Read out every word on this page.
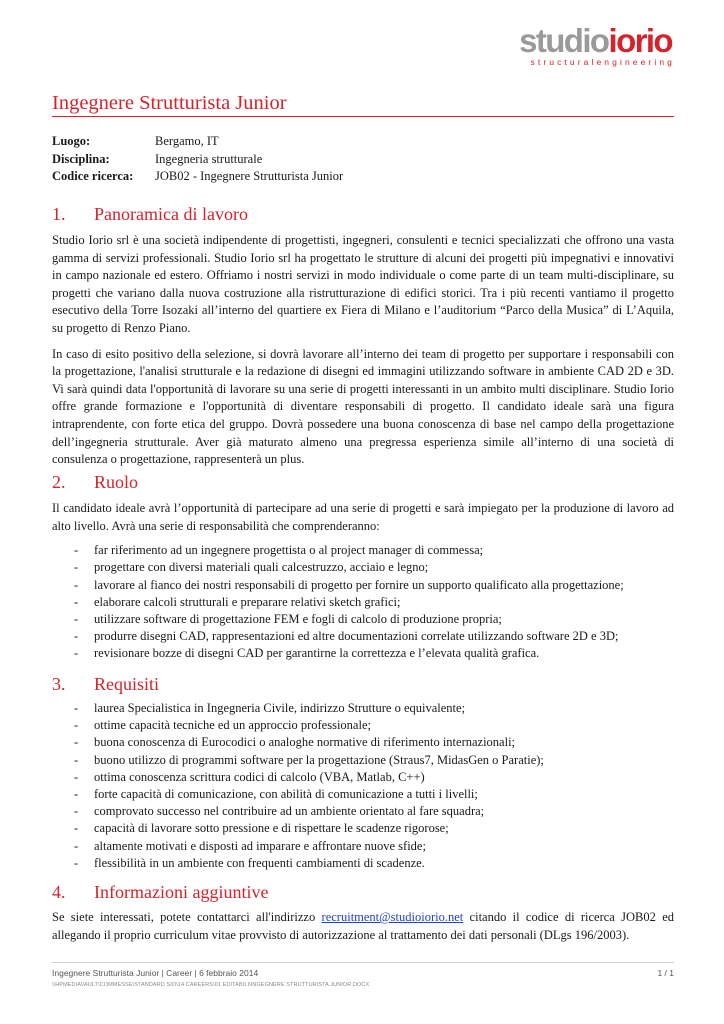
studioiorio
structuralengineering
Ingegnere Strutturista Junior
Luogo:	Bergamo, IT
Disciplina:	Ingegneria strutturale
Codice ricerca:	JOB02 - Ingegnere Strutturista Junior
1.	Panoramica di lavoro

Studio Iorio srl è una società indipendente di progettisti, ingegneri, consulenti e tecnici specializzati che offrono una vasta gamma di servizi professionali. Studio Iorio srl ha progettato le strutture di alcuni dei progetti più impegnativi e innovativi in campo nazionale ed estero. Offriamo i nostri servizi in modo individuale o come parte di un team multi-disciplinare, su progetti che variano dalla nuova costruzione alla ristrutturazione di edifici storici. Tra i più recenti vantiamo il progetto esecutivo della Torre Isozaki all’interno del quartiere ex Fiera di Milano e l’auditorium “Parco della Musica” di L’Aquila, su progetto di Renzo Piano.

In caso di esito positivo della selezione, si dovrà lavorare all’interno dei team di progetto per supportare i responsabili con la progettazione, l'analisi strutturale e la redazione di disegni ed immagini utilizzando software in ambiente CAD 2D e 3D. Vi sarà quindi data l'opportunità di lavorare su una serie di progetti interessanti in un ambito multi disciplinare. Studio Iorio offre grande formazione e l'opportunità di diventare responsabili di progetto. Il candidato ideale sarà una figura intraprendente, con forte etica del gruppo. Dovrà possedere una buona conoscenza di base nel campo della progettazione dell’ingegneria strutturale. Aver già maturato almeno una pregressa esperienza simile all’interno di una società di consulenza o progettazione, rappresenterà un plus.

2.	Ruolo

Il candidato ideale avrà l’opportunità di partecipare ad una serie di progetti e sarà impiegato per la produzione di lavoro ad alto livello. Avrà una serie di responsabilità che comprenderanno:

- far riferimento ad un ingegnere progettista o al project manager di commessa;
- progettare con diversi materiali quali calcestruzzo, acciaio e legno;
- lavorare al fianco dei nostri responsabili di progetto per fornire un supporto qualificato alla progettazione;
- elaborare calcoli strutturali e preparare relativi sketch grafici;
- utilizzare software di progettazione FEM e fogli di calcolo di produzione propria;
- produrre disegni CAD, rappresentazioni ed altre documentazioni correlate utilizzando software 2D e 3D;
- revisionare bozze di disegni CAD per garantirne la correttezza e l’elevata qualità grafica.
3.	Requisiti
- laurea Specialistica in Ingegneria Civile, indirizzo Strutture o equivalente;
- ottime capacità tecniche ed un approccio professionale;
- buona conoscenza di Eurocodici o analoghe normative di riferimento internazionali;
- buono utilizzo di programmi software per la progettazione (Straus7, MidasGen o Paratie);
- ottima conoscenza scrittura codici di calcolo (VBA, Matlab, C++)
- forte capacità di comunicazione, con abilità di comunicazione a tutti i livelli;
- comprovato successo nel contribuire ad un ambiente orientato al fare squadra;
- capacità di lavorare sotto pressione e di rispettare le scadenze rigorose;
- altamente motivati e disposti ad imparare e affrontare nuove sfide;
- flessibilità in un ambiente con frequenti cambiamenti di scadenze.
4.	Informazioni aggiuntive

Se siete interessati, potete contattarci all'indirizzo recruitment@studioiorio.net citando il codice di ricerca JOB02 ed allegando il proprio curriculum vitae provvisto di autorizzazione al trattamento dei dati personali (DLgs 196/2003).

Ingegnere Strutturista Junior | Career | 6 febbraio 2014	1 / 1
\\HPMEDIAVAULT\COMMESSE\STANDARD SIO\14 CAREERS\01 EDITABILI\INGEGNERE STRUTTURISTA JUNIOR.DOCX
